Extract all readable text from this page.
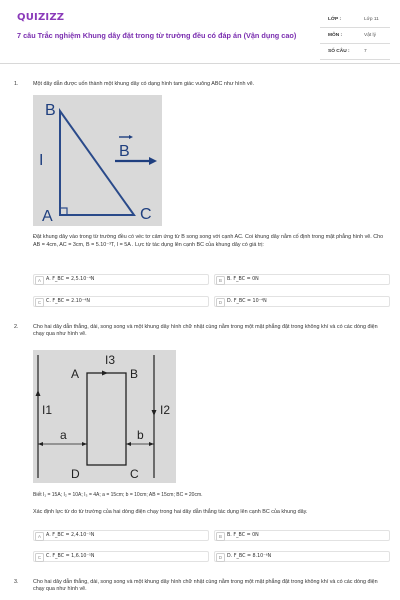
QUIZIZZ
7 câu Trắc nghiệm Khung dây đặt trong từ trường đều có đáp án (Vận dụng cao)
LỚP :	Lớp 11
MÔN :	Vật lý
SỐ CÂU :	7
1.	Một dây dẫn được uốn thành một khung dây có dạng hình tam giác vuông ABC như hình vẽ.
B
B
I
A	C
Đặt khung dây vào trong từ trường đều có véc tơ cảm ứng từ B song song với cạnh AC. Coi khung dây nằm cố định trong mặt phẳng hình vẽ. Cho AB = 4cm, AC = 3cm, B = 5.10⁻³T, I = 5A . Lực từ tác dụng lên cạnh BC của khung dây có giá trị:
A	A. F_BC = 2,5.10⁻⁴N	B	B. F_BC = 0N
C	C. F_BC = 2.10⁻⁴N	D	D. F_BC = 10⁻⁴N
2.	Cho hai dây dẫn thẳng, dài, song song và một khung dây hình chữ nhật cùng nằm trong một mặt phẳng đặt trong không khí và có các dòng điện chạy qua như hình vẽ.
I1	I2
I3
A	B
C
D
a	b
Biết I₁ = 15A; I₂ = 10A; I₃ = 4A; a = 15cm; b = 10cm; AB = 15cm; BC = 20cm.
Xác định lực từ do từ trường của hai dòng điện chạy trong hai dây dẫn thẳng tác dụng lên cạnh BC của khung dây.
A	A. F_BC = 2,4.10⁻⁵N	B	B. F_BC = 0N
C	C. F_BC = 1,6.10⁻⁵N	D	D. F_BC = 8.10⁻⁶N
3.	Cho hai dây dẫn thẳng, dài, song song và một khung dây hình chữ nhật cùng nằm trong một mặt phẳng đặt trong không khí và có các dòng điện chạy qua như hình vẽ.
